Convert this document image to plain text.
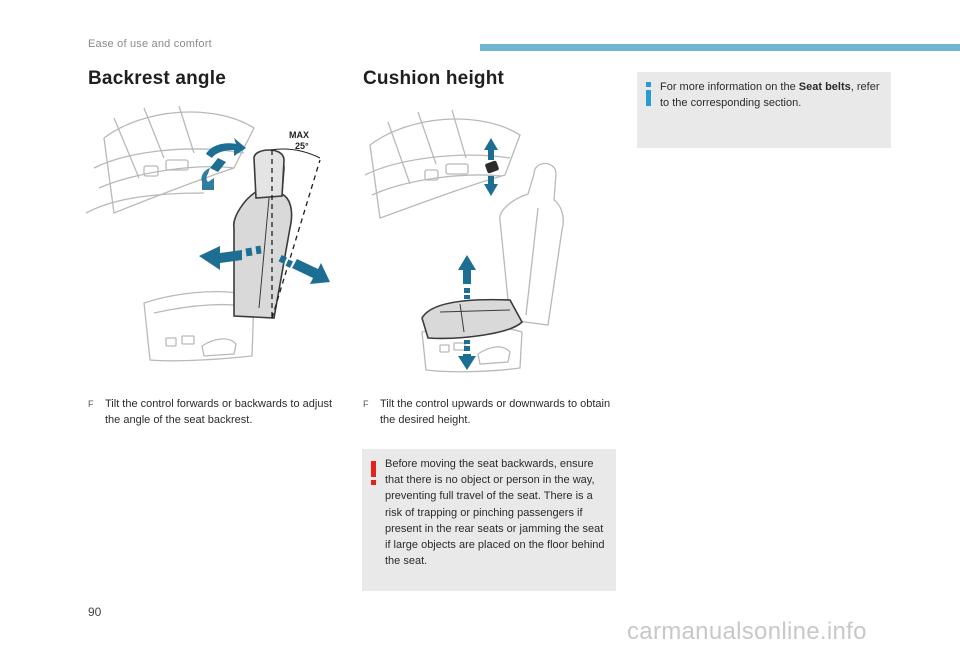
Ease of use and comfort
Backrest angle
MAX
25°
F	Tilt the control forwards or backwards to adjust the angle of the seat backrest.
Cushion height
F	Tilt the control upwards or downwards to obtain the desired height.
For more information on the Seat belts, refer to the corresponding section.
Before moving the seat backwards, ensure that there is no object or person in the way, preventing full travel of the seat. There is a risk of trapping or pinching passengers if present in the rear seats or jamming the seat if large objects are placed on the floor behind the seat.
90
carmanualsonline.info
